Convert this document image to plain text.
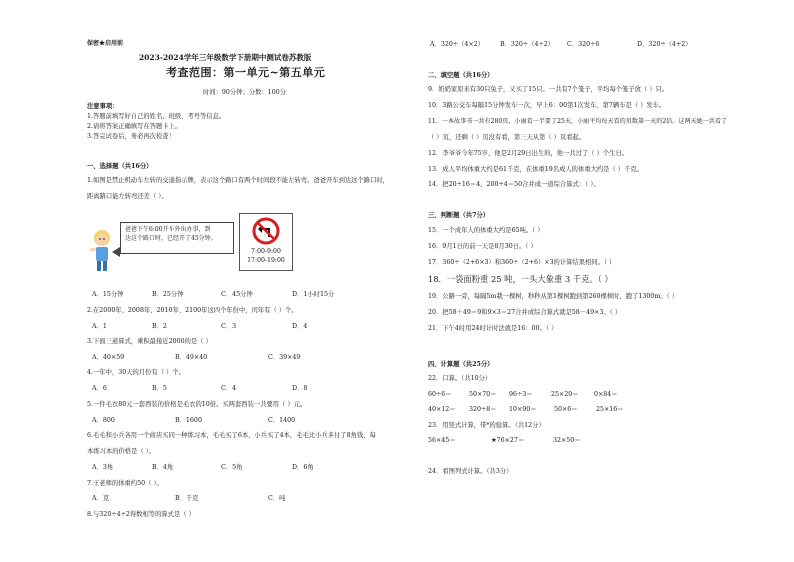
保密★启用前
2023-2024学年三年级数学下册期中测试卷苏教版
考查范围：第一单元~第五单元
时间：90分钟；分数：100分
注意事项：
1.答题前填写好自己的姓名、班级、考号等信息。
2.请将答案正确填写在答题卡上。
3.答完试卷后，务必再次检查！
一、选择题（共16分）
1.如图是禁止机动车左转的交通指示牌，表示这个路口有两个时间段不能左转弯。爸爸开车到达这个路口时，
距离路口能左转弯还差（ ）。
爸爸下午6:00开车外出办事，到
达这个路口时，已经开了45分钟。
7:00-9:00
17:00-19:00
A．15分钟	B．25分钟	C．45分钟	D．1小时15分
2.在2000年、2008年、2010年、2100年这四个年份中，闰年有（ ）个。
A．1	B．2	C．3	D．4
3.下面三道算式，乘积最接近2000的是（ ）
A．40×59	B．49×40	C．39×49
4.一年中，30天的月份有（ ）个。
A．6	B．5	C．4	D．8
5.一件毛衣80元一套西装的价格是毛衣的10倍。买两套西装一共要用（ ）元。
A．800	B．1600	C．1400
6.毛毛和小兵各用一个商店买同一种练习本，毛毛买了6本，小兵买了4本，毛毛比小兵多付了8角钱，每
本练习本的价格是（ ）。
A．3角	B．4角	C．5角	D．6角
7.王老师的体重约50（ ）。
A．克	B．千克	C．吨
8.与320÷4÷2得数相等的算式是（ ）
A．320÷（4×2）	B．320÷（4÷2） C．320÷6	D．320÷（4+2）
二、填空题（共16分）
9．奶奶家原来有30只兔子，又买了15只。一共有7个笼子，平均每个笼子放（ ）只。
10．3路公交车每隔15分钟发车一次，早上6：00第1次发车，第7辆车是（ ）发车。
11．一本故事书一共有280页，小丽看一半要了25天，小丽平均每天看的页数第一天的2倍。这两天她一共看了
（ ）页，还剩（ ）页没有看，第三天从第（ ）页看起。
12．李爷爷今年75岁，他是2月29日出生的，他一共过了（ ）个生日。
13．成人平均体重大约是61千克，在体重19名成人的体重大约是（ ）千克。
14．把20÷16＝4，200÷4＝50合并成一道综合算式：（ ）。
三、判断题（共7分）
15．一个成年人的体重大约是65吨。（ ）
16．9月1日的前一天是8月30日。（ ）
17．360÷（2+6×3）和360÷（2+6）×3的计算结果相同。（ ）
18．一袋面粉重 25 吨，一头大象重 3 千克。（ ）
19．公路一旁，每隔5m栽一棵树，秒秒从第1棵树跑到第260棵树时，跑了1300m。（ ）
20．把58＋49＝9和9×3＝27合并成综合算式就是58－49×3。（ ）
21．下午4时用24时计时法就是16：00。（ ）
四、计算题（共25分）
22．口算。（共10分）
60÷6＝	50×70＝ 96÷3＝	25×20＝ 0×84＝
40×12＝ 320÷8＝ 10×90＝	50×6＝	25×16＝
23．用竖式计算，带*的验算。（共12分）
56×45＝	★76×27＝	32×50＝
24．看图列式计算。（共3分）
